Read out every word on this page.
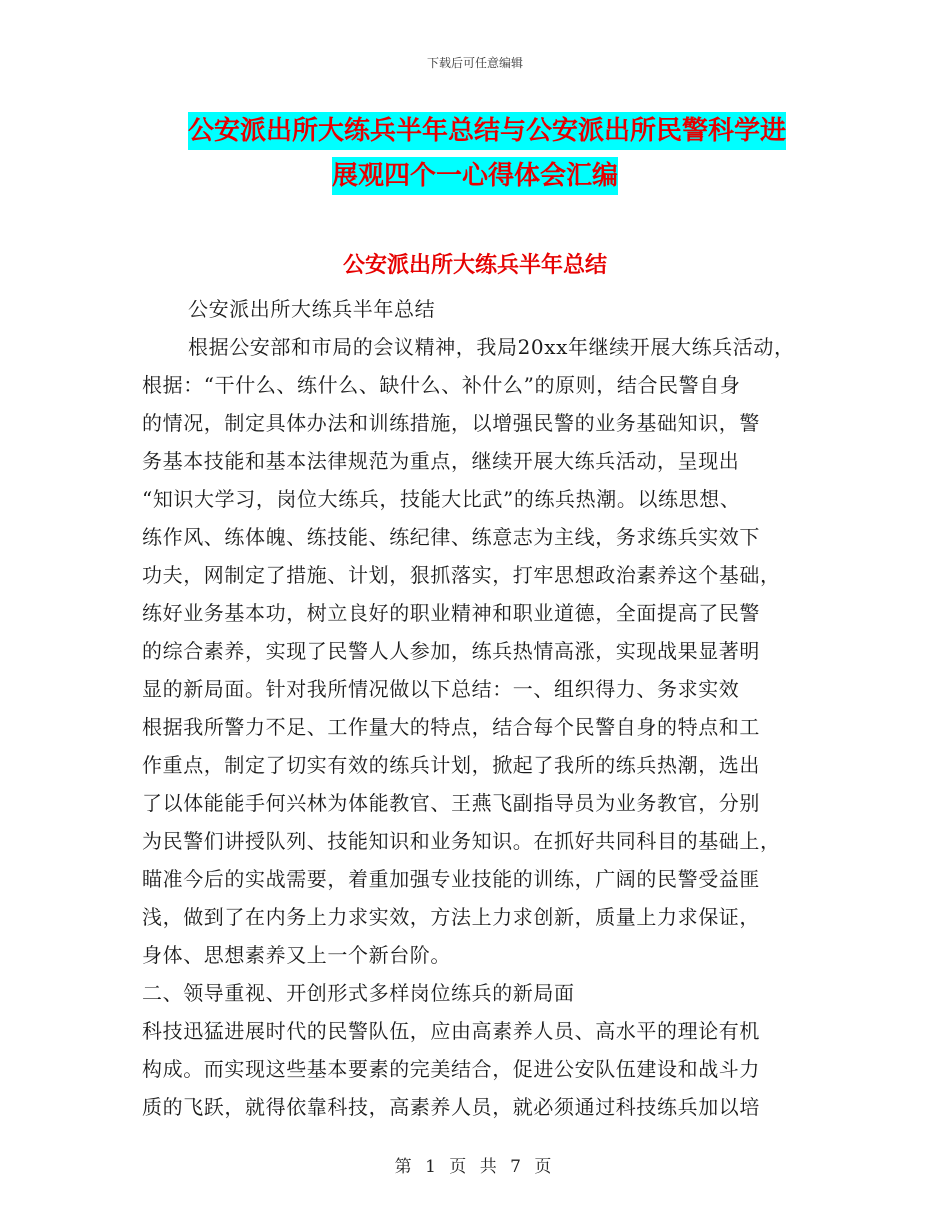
下载后可任意编辑
公安派出所大练兵半年总结与公安派出所民警科学进
展观四个一心得体会汇编
公安派出所大练兵半年总结
公安派出所大练兵半年总结
根据公安部和市局的会议精神，我局20xx年继续开展大练兵活动，
根据：“干什么、练什么、缺什么、补什么”的原则，结合民警自身
的情况，制定具体办法和训练措施，以增强民警的业务基础知识，警
务基本技能和基本法律规范为重点，继续开展大练兵活动，呈现出
“知识大学习，岗位大练兵，技能大比武”的练兵热潮。以练思想、
练作风、练体魄、练技能、练纪律、练意志为主线，务求练兵实效下
功夫，网制定了措施、计划，狠抓落实，打牢思想政治素养这个基础，
练好业务基本功，树立良好的职业精神和职业道德，全面提高了民警
的综合素养，实现了民警人人参加，练兵热情高涨，实现战果显著明
显的新局面。针对我所情况做以下总结：一、组织得力、务求实效
根据我所警力不足、工作量大的特点，结合每个民警自身的特点和工
作重点，制定了切实有效的练兵计划，掀起了我所的练兵热潮，选出
了以体能能手何兴林为体能教官、王燕飞副指导员为业务教官，分别
为民警们讲授队列、技能知识和业务知识。在抓好共同科目的基础上，
瞄准今后的实战需要，着重加强专业技能的训练，广阔的民警受益匪
浅，做到了在内务上力求实效，方法上力求创新，质量上力求保证，
身体、思想素养又上一个新台阶。
二、领导重视、开创形式多样岗位练兵的新局面
科技迅猛进展时代的民警队伍，应由高素养人员、高水平的理论有机
构成。而实现这些基本要素的完美结合，促进公安队伍建设和战斗力
质的飞跃，就得依靠科技，高素养人员，就必须通过科技练兵加以培
第 1 页 共 7 页
